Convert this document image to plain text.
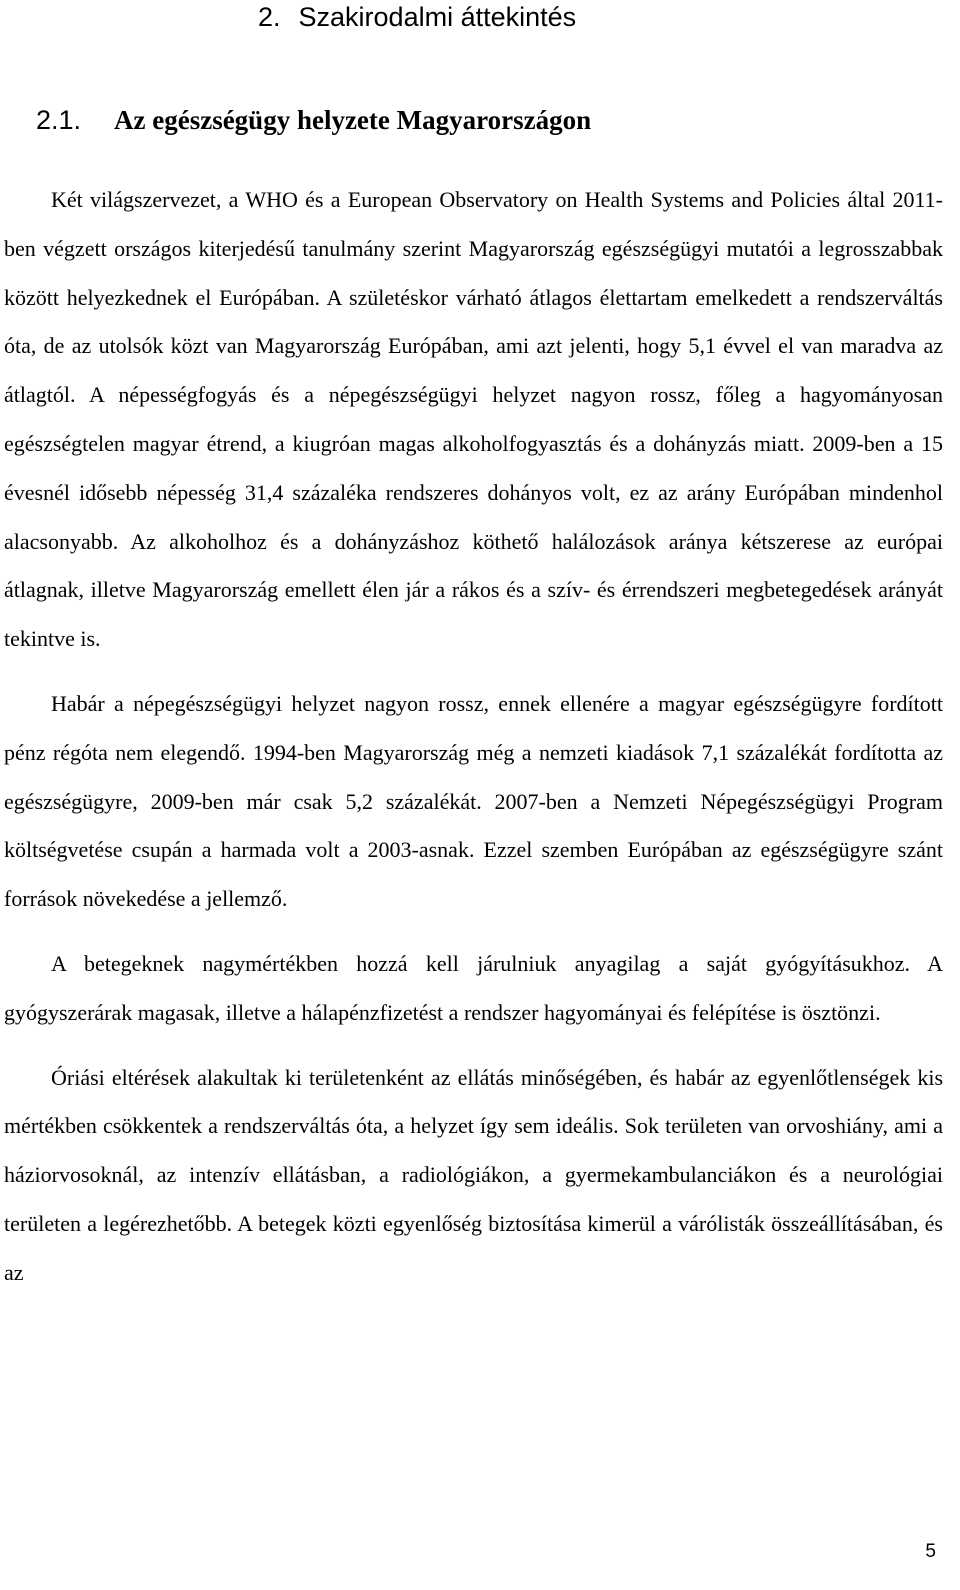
2. Szakirodalmi áttekintés
2.1. Az egészségügy helyzete Magyarországon

Két világszervezet, a WHO és a European Observatory on Health Systems and Policies által 2011-ben végzett országos kiterjedésű tanulmány szerint Magyarország egészségügyi mutatói a legrosszabbak között helyezkednek el Európában. A születéskor várható átlagos élettartam emelkedett a rendszerváltás óta, de az utolsók közt van Magyarország Európában, ami azt jelenti, hogy 5,1 évvel el van maradva az átlagtól. A népességfogyás és a népegészségügyi helyzet nagyon rossz, főleg a hagyományosan egészségtelen magyar étrend, a kiugróan magas alkoholfogyasztás és a dohányzás miatt. 2009-ben a 15 évesnél idősebb népesség 31,4 százaléka rendszeres dohányos volt, ez az arány Európában mindenhol alacsonyabb. Az alkoholhoz és a dohányzáshoz köthető halálozások aránya kétszerese az európai átlagnak, illetve Magyarország emellett élen jár a rákos és a szív- és érrendszeri megbetegedések arányát tekintve is.

Habár a népegészségügyi helyzet nagyon rossz, ennek ellenére a magyar egészségügyre fordított pénz régóta nem elegendő. 1994-ben Magyarország még a nemzeti kiadások 7,1 százalékát fordította az egészségügyre, 2009-ben már csak 5,2 százalékát. 2007-ben a Nemzeti Népegészségügyi Program költségvetése csupán a harmada volt a 2003-asnak. Ezzel szemben Európában az egészségügyre szánt források növekedése a jellemző.

A betegeknek nagymértékben hozzá kell járulniuk anyagilag a saját gyógyításukhoz. A gyógyszerárak magasak, illetve a hálapénzfizetést a rendszer hagyományai és felépítése is ösztönzi.

Óriási eltérések alakultak ki területenként az ellátás minőségében, és habár az egyenlőtlenségek kis mértékben csökkentek a rendszerváltás óta, a helyzet így sem ideális. Sok területen van orvoshiány, ami a háziorvosoknál, az intenzív ellátásban, a radiológiákon, a gyermekambulanciákon és a neurológiai területen a legérezhetőbb. A betegek közti egyenlőség biztosítása kimerül a várólisták összeállításában, és az

5
